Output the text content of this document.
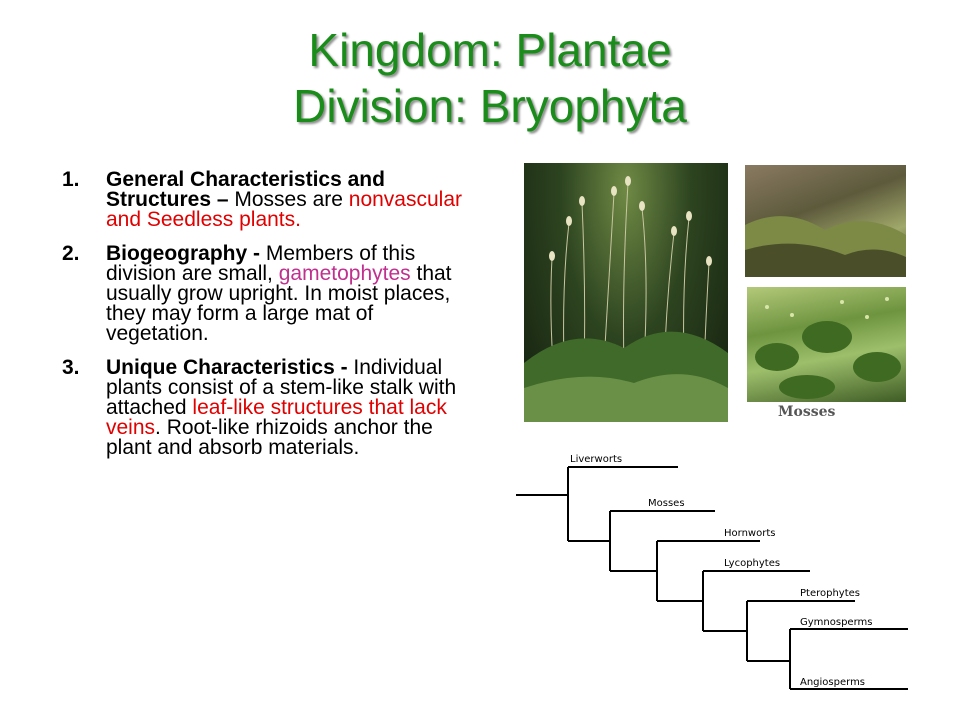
Kingdom: Plantae
Division: Bryophyta
1. General Characteristics and Structures – Mosses are nonvascular and Seedless plants.
2. Biogeography - Members of this division are small, gametophytes that usually grow upright. In moist places, they may form a large mat of vegetation.
3. Unique Characteristics - Individual plants consist of a stem-like stalk with attached leaf-like structures that lack veins. Root-like rhizoids anchor the plant and absorb materials.
Mosses
Liverworts
Mosses
Hornworts
Lycophytes
Pterophytes
Gymnosperms
Angiosperms
